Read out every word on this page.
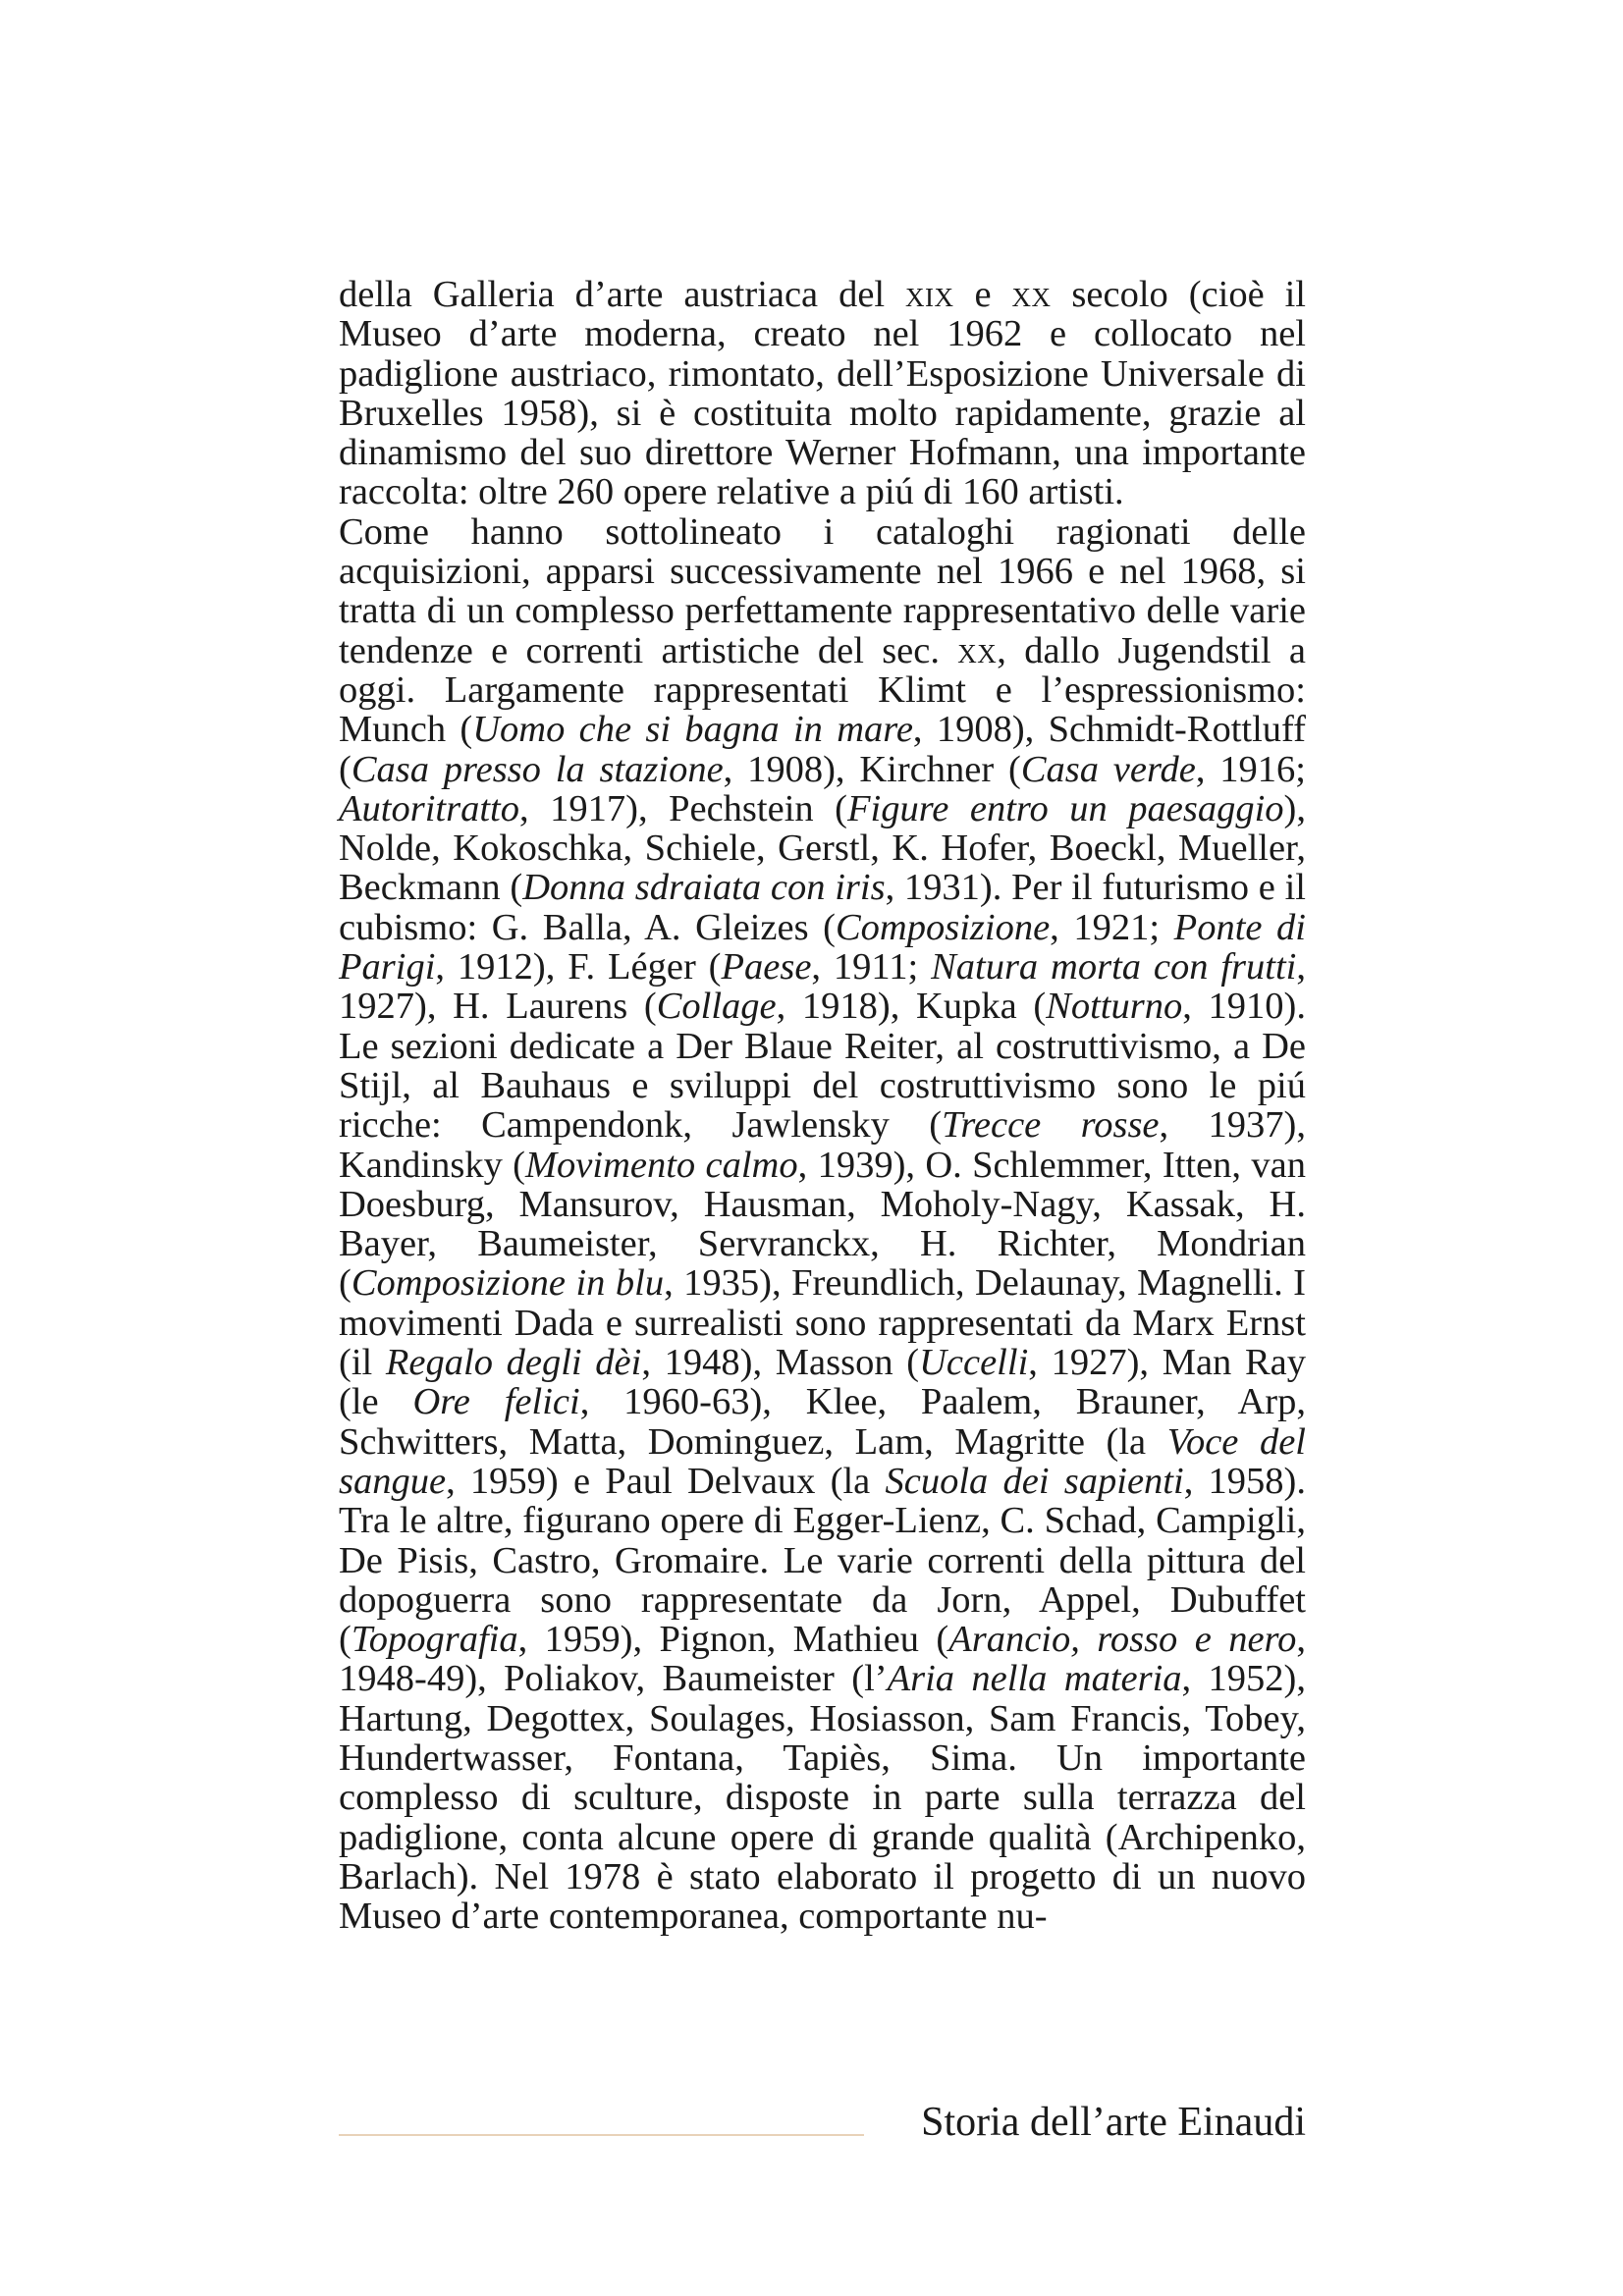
della Galleria d’arte austriaca del xix e xx secolo (cioè il Museo d’arte moderna, creato nel 1962 e collocato nel padiglione austriaco, rimontato, dell’Esposizione Universale di Bruxelles 1958), si è costituita molto rapidamente, grazie al dinamismo del suo direttore Werner Hofmann, una importante raccolta: oltre 260 opere relative a piú di 160 artisti.

Come hanno sottolineato i cataloghi ragionati delle acquisizioni, apparsi successivamente nel 1966 e nel 1968, si tratta di un complesso perfettamente rappresentativo delle varie tendenze e correnti artistiche del sec. xx, dallo Jugendstil a oggi. Largamente rappresentati Klimt e l’espressionismo: Munch (Uomo che si bagna in mare, 1908), Schmidt-Rottluff (Casa presso la stazione, 1908), Kirchner (Casa verde, 1916; Autoritratto, 1917), Pechstein (Figure entro un paesaggio), Nolde, Kokoschka, Schiele, Gerstl, K. Hofer, Boeckl, Mueller, Beckmann (Donna sdraiata con iris, 1931). Per il futurismo e il cubismo: G. Balla, A. Gleizes (Composizione, 1921; Ponte di Parigi, 1912), F. Léger (Paese, 1911; Natura morta con frutti, 1927), H. Laurens (Collage, 1918), Kupka (Notturno, 1910). Le sezioni dedicate a Der Blaue Reiter, al costruttivismo, a De Stijl, al Bauhaus e sviluppi del costruttivismo sono le piú ricche: Campendonk, Jawlensky (Trecce rosse, 1937), Kandinsky (Movimento calmo, 1939), O. Schlemmer, Itten, van Doesburg, Mansurov, Hausman, Moholy-Nagy, Kassak, H. Bayer, Baumeister, Servranckx, H. Richter, Mondrian (Composizione in blu, 1935), Freundlich, Delaunay, Magnelli. I movimenti Dada e surrealisti sono rappresentati da Marx Ernst (il Regalo degli dèi, 1948), Masson (Uccelli, 1927), Man Ray (le Ore felici, 1960-63), Klee, Paalem, Brauner, Arp, Schwitters, Matta, Dominguez, Lam, Magritte (la Voce del sangue, 1959) e Paul Delvaux (la Scuola dei sapienti, 1958). Tra le altre, figurano opere di Egger-Lienz, C. Schad, Campigli, De Pisis, Castro, Gromaire. Le varie correnti della pittura del dopoguerra sono rappresentate da Jorn, Appel, Dubuffet (Topografia, 1959), Pignon, Mathieu (Arancio, rosso e nero, 1948-49), Poliakov, Baumeister (l’Aria nella materia, 1952), Hartung, Degottex, Soulages, Hosiasson, Sam Francis, Tobey, Hundertwasser, Fontana, Tapiès, Sima. Un importante complesso di sculture, disposte in parte sulla terrazza del padiglione, conta alcune opere di grande qualità (Archipenko, Barlach). Nel 1978 è stato elaborato il progetto di un nuovo Museo d’arte contemporanea, comportante nu-

Storia dell’arte Einaudi
